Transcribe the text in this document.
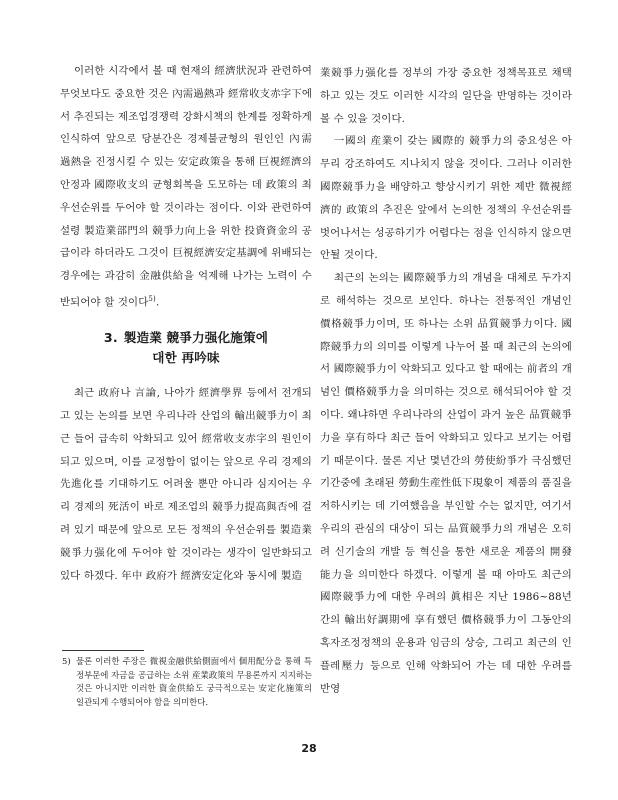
이러한 시각에서 볼 때 현재의 經濟狀況과 관련하여 무엇보다도 중요한 것은 內需過熱과 經常收支赤字下에서 추진되는 제조업경쟁력 강화시책의 한계를 정확하게 인식하여 앞으로 당분간은 경제불균형의 원인인 內需過熱을 진정시킬 수 있는 安定政策을 통해 巨視經濟의 안정과 國際收支의 균형회복을 도모하는 데 政策의 최우선순위를 두어야 할 것이라는 점이다. 이와 관련하여 설령 製造業部門의 競爭力向上을 위한 投資資金의 공급이라 하더라도 그것이 巨視經濟安定基調에 위배되는 경우에는 과감히 金融供給을 억제해 나가는 노력이 수반되어야 할 것이다$^{5)}$.

3. 製造業 競爭力强化施策에
대한 再吟味

최근 政府나 言論, 나아가 經濟學界 등에서 전개되고 있는 논의를 보면 우리나라 산업의 輸出競爭力이 최근 들어 급속히 악화되고 있어 經常收支赤字의 원인이 되고 있으며, 이를 교정함이 없이는 앞으로 우리 경제의 先進化를 기대하기도 어려울 뿐만 아니라 심지어는 우리 경제의 死活이 바로 제조업의 競爭力提高與否에 걸려 있기 때문에 앞으로 모든 정책의 우선순위를 製造業競爭力强化에 두어야 할 것이라는 생각이 일반화되고 있다 하겠다. 年中 政府가 經濟安定化와 동시에 製造

業競爭力强化를 정부의 가장 중요한 정책목표로 채택하고 있는 것도 이러한 시각의 일단을 반영하는 것이라 볼 수 있을 것이다.

一國의 産業이 갖는 國際的 競爭力의 중요성은 아무리 강조하여도 지나치지 않을 것이다. 그러나 이러한 國際競爭力을 배양하고 향상시키기 위한 제반 微視經濟的 政策의 추진은 앞에서 논의한 정책의 우선순위를 벗어나서는 성공하기가 어렵다는 점을 인식하지 않으면 안될 것이다.

최근의 논의는 國際競爭力의 개념을 대체로 두가지로 해석하는 것으로 보인다. 하나는 전통적인 개념인 價格競爭力이며, 또 하나는 소위 品質競爭力이다. 國際競爭力의 의미를 이렇게 나누어 볼 때 최근의 논의에서 國際競爭力이 악화되고 있다고 할 때에는 前者의 개념인 價格競爭力을 의미하는 것으로 해석되어야 할 것이다. 왜냐하면 우리나라의 산업이 과거 높은 品質競爭力을 享有하다 최근 들어 악화되고 있다고 보기는 어렵기 때문이다. 물론 지난 몇년간의 勞使紛爭가 극심했던 기간중에 초래된 勞動生産性低下現象이 제품의 품질을 저하시키는 데 기여했음을 부인할 수는 없지만, 여기서 우리의 관심의 대상이 되는 品質競爭力의 개념은 오히려 신기술의 개발 등 혁신을 통한 새로운 제품의 開發能力을 의미한다 하겠다. 이렇게 볼 때 아마도 최근의 國際競爭力에 대한 우려의 眞相은 지난 1986~88년간의 輸出好調期에 享有했던 價格競爭力이 그동안의 혹자조정정책의 운용과 임금의 상승, 그리고 최근의 인플레壓力 등으로 인해 악화되어 가는 데 대한 우려를 반영

5) 물론 이러한 주장은 微視金融供給側面에서 個用配分을 통해 특정부문에 자금을 공급하는 소위 産業政策의 무용론까지 지지하는 것은 아니지만 이러한 資金供給도 궁극적으로는 安定化施策의 일관되게 수행되어야 함을 의미한다.
28
